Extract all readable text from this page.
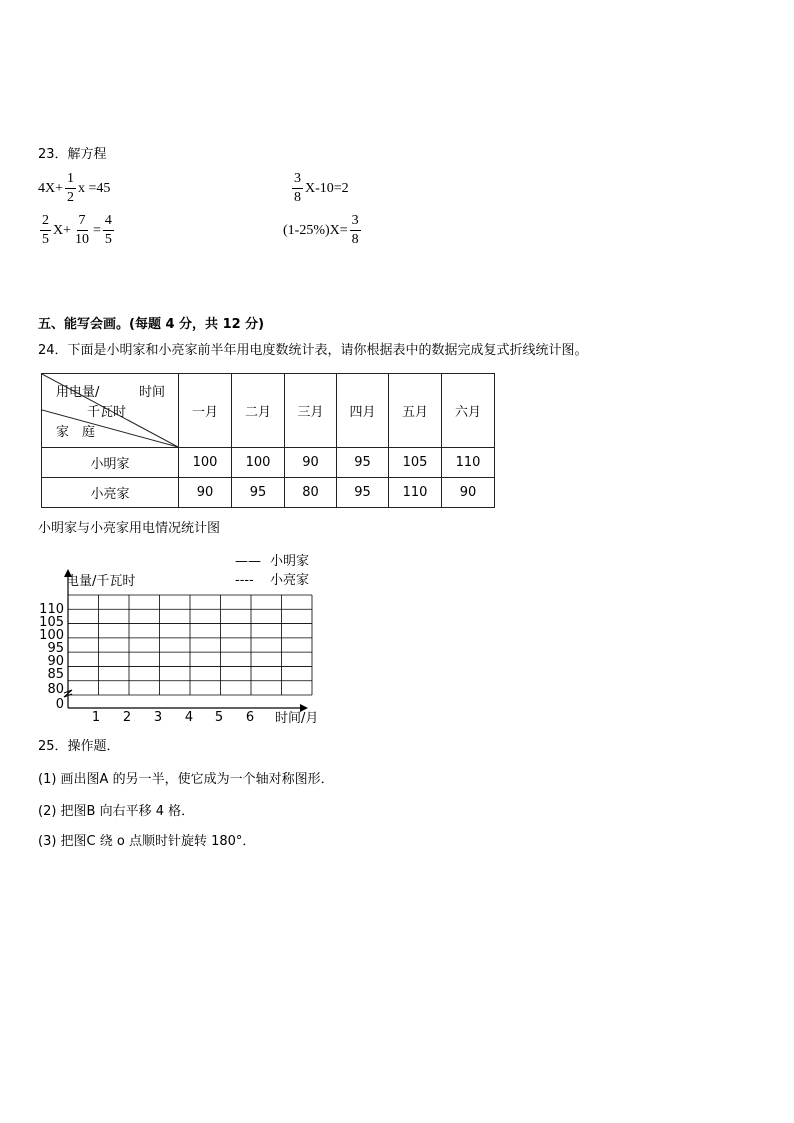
23．解方程
$4X+ \frac{1}{2}$ x =45	$\frac{3}{8} X-10=2$
$\frac{2}{5} X+ \frac{7}{10} = \frac{4}{5}$	$(1-25\%)X= \frac{3}{8}$
五、能写会画。(每题 4 分，共 12 分)
24．下面是小明家和小亮家前半年用电度数统计表，请你根据表中的数据完成复式折线统计图。
用电量/ 时间
千瓦时
家　庭	一月	二月	三月	四月	五月	六月
小明家	100	100	90	95	105	110
小亮家	90	95	80	95	110	90
小明家与小亮家用电情况统计图
—— 小明家
---- 小亮家
电量/千瓦时
时间/月
110
105
100
95
90
85
80
0
1 2 3 4 5 6
25．操作题．
(1) 画出图A 的另一半，使它成为一个轴对称图形．
(2) 把图B 向右平移 4 格．
(3) 把图C 绕 o 点顺时针旋转 180°．
